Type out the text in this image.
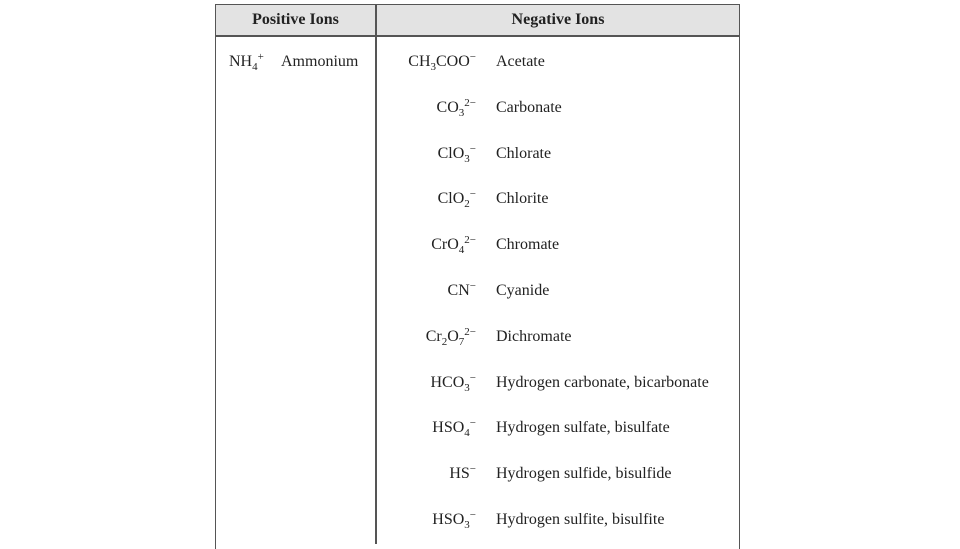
Positive Ions	Negative Ions
$NH_4^+$ Ammonium	$CH_3COO^-$ Acetate
$CO_3^{2-}$ Carbonate
ClO$_3$− Chlorate
ClO$_2$− Chlorite
CrO$_4^{2-}$ Chromate
CN− Cyanide
$Cr_2O_7^{2-}$ Dichromate
$HCO_3^-$ Hydrogen carbonate, bicarbonate
$HSO_4^-$ Hydrogen sulfate, bisulfate
HS− Hydrogen sulfide, bisulfide
$HSO_3^-$ Hydrogen sulfite, bisulfite
